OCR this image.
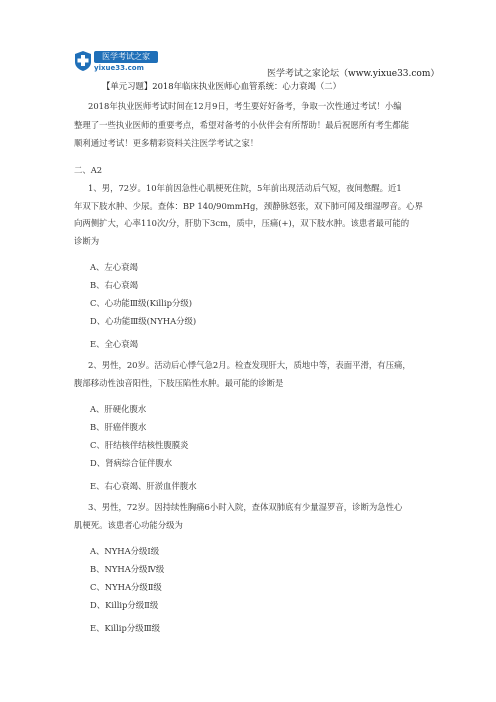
医学考试之家
yixue33.com
医学考试之家论坛（www.yixue33.com）
【单元习题】2018年临床执业医师心血管系统：心力衰竭（二）
2018年执业医师考试时间在12月9日，考生要好好备考，争取一次性通过考试！小编
整理了一些执业医师的重要考点，希望对备考的小伙伴会有所帮助！最后祝愿所有考生都能
顺利通过考试！更多精彩资料关注医学考试之家！
二、A2
1、男，72岁。10年前因急性心肌梗死住院，5年前出现活动后气短，夜间憋醒。近1
年双下肢水肿、少尿。查体：BP 140/90mmHg，颈静脉怒张，双下肺可闻及细湿啰音。心界
向两侧扩大，心率110次/分，肝肋下3cm，质中，压痛(+)，双下肢水肿。该患者最可能的
诊断为
A、左心衰竭
B、右心衰竭
C、心功能Ⅲ级(Killip分级)
D、心功能Ⅲ级(NYHA分级)
E、全心衰竭
2、男性，20岁。活动后心悸气急2月。检查发现肝大，质地中等，表面平滑，有压痛，
腹部移动性浊音阳性，下肢压陷性水肿。最可能的诊断是
A、肝硬化腹水
B、肝癌伴腹水
C、肝结核伴结核性腹膜炎
D、肾病综合征伴腹水
E、右心衰竭、肝淤血伴腹水
3、男性，72岁。因持续性胸痛6小时入院，查体双肺底有少量湿罗音，诊断为急性心
肌梗死。该患者心功能分级为
A、NYHA分级Ⅰ级
B、NYHA分级Ⅳ级
C、NYHA分级Ⅱ级
D、Killip分级Ⅱ级
E、Killip分级Ⅲ级
